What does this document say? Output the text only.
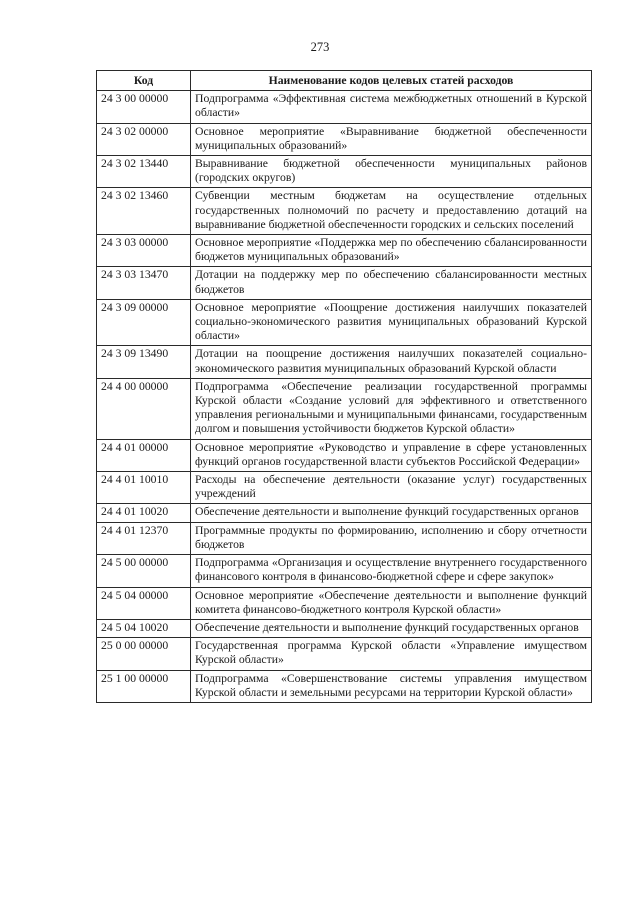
273
Код	Наименование кодов целевых статей расходов
24 3 00 00000	Подпрограмма «Эффективная система межбюджетных отношений в Курской области»
24 3 02 00000	Основное мероприятие «Выравнивание бюджетной обеспеченности муниципальных образований»
24 3 02 13440	Выравнивание бюджетной обеспеченности муниципальных районов (городских округов)
24 3 02 13460	Субвенции местным бюджетам на осуществление отдельных государственных полномочий по расчету и предоставлению дотаций на выравнивание бюджетной обеспеченности городских и сельских поселений
24 3 03 00000	Основное мероприятие «Поддержка мер по обеспечению сбалансированности бюджетов муниципальных образований»
24 3 03 13470	Дотации на поддержку мер по обеспечению сбалансированности местных бюджетов
24 3 09 00000	Основное мероприятие «Поощрение достижения наилучших показателей социально-экономического развития муниципальных образований Курской области»
24 3 09 13490	Дотации на поощрение достижения наилучших показателей социально-экономического развития муниципальных образований Курской области
24 4 00 00000	Подпрограмма «Обеспечение реализации государственной программы Курской области «Создание условий для эффективного и ответственного управления региональными и муниципальными финансами, государственным долгом и повышения устойчивости бюджетов Курской области»
24 4 01 00000	Основное мероприятие «Руководство и управление в сфере установленных функций органов государственной власти субъектов Российской Федерации»
24 4 01 10010	Расходы на обеспечение деятельности (оказание услуг) государственных учреждений
24 4 01 10020	Обеспечение деятельности и выполнение функций государственных органов
24 4 01 12370	Программные продукты по формированию, исполнению и сбору отчетности бюджетов
24 5 00 00000	Подпрограмма «Организация и осуществление внутреннего государственного финансового контроля в финансово-бюджетной сфере и сфере закупок»
24 5 04 00000	Основное мероприятие «Обеспечение деятельности и выполнение функций комитета финансово-бюджетного контроля Курской области»
24 5 04 10020	Обеспечение деятельности и выполнение функций государственных органов
25 0 00 00000	Государственная программа Курской области «Управление имуществом Курской области»
25 1 00 00000	Подпрограмма «Совершенствование системы управления имуществом Курской области и земельными ресурсами на территории Курской области»
